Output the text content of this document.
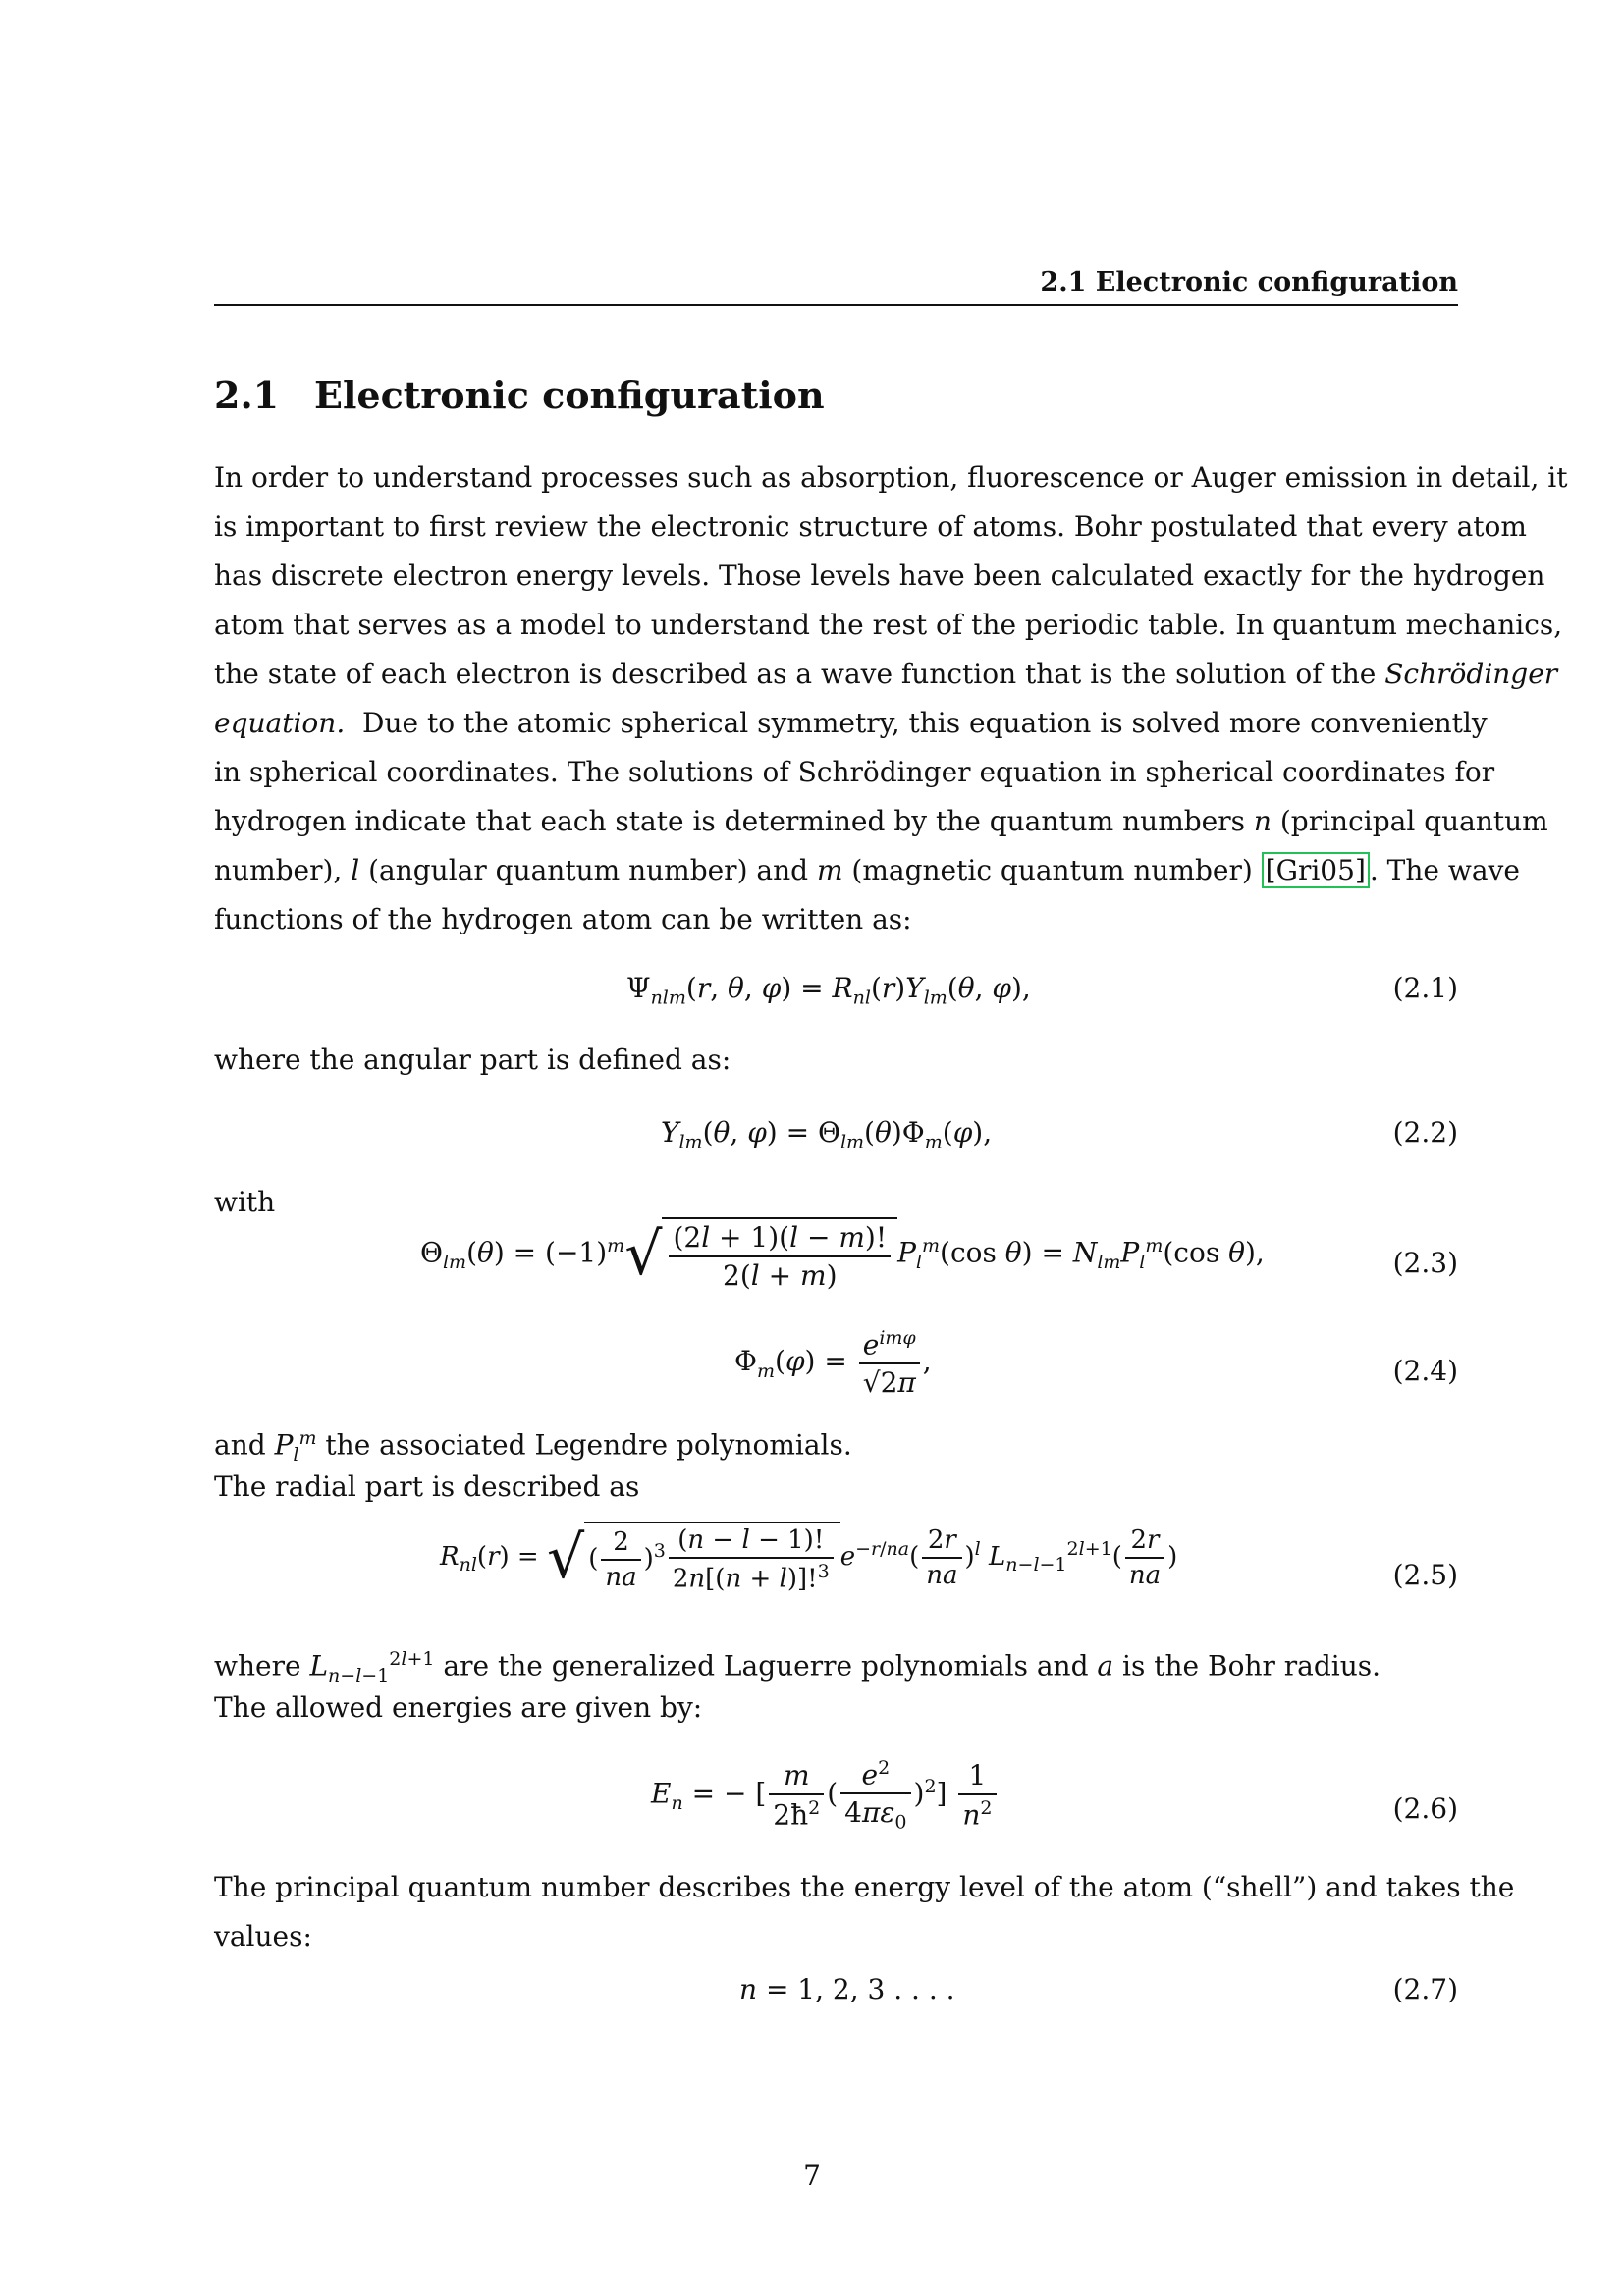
2.1 Electronic configuration
2.1 Electronic configuration
In order to understand processes such as absorption, fluorescence or Auger emission in detail, it
is important to first review the electronic structure of atoms. Bohr postulated that every atom
has discrete electron energy levels. Those levels have been calculated exactly for the hydrogen
atom that serves as a model to understand the rest of the periodic table. In quantum mechanics,
the state of each electron is described as a wave function that is the solution of the Schrödinger
equation. Due to the atomic spherical symmetry, this equation is solved more conveniently
in spherical coordinates. The solutions of Schrödinger equation in spherical coordinates for
hydrogen indicate that each state is determined by the quantum numbers n (principal quantum
number), l (angular quantum number) and m (magnetic quantum number) [Gri05] . The wave
functions of the hydrogen atom can be written as:
$\Psi_{nlm}(r$, θ, $\varphi) = R_{nl}(r)Y_{lm}(\theta$, φ),	(2.1)
where the angular part is defined as:
$Y_{lm}(\theta$, $\varphi) = \Theta_{lm}(\theta)\Phi_m(\varphi)$,	(2.2)
with
$\Theta_{lm}(\theta) = (-1)^m√ \frac{(2l + 1)(l - m)!}{2(l + m)} P_l^m(\cos$ $\theta) = N_{lm}P_l^m(\cos$ θ),	(2.3)
$\Phi_m(\varphi) = \frac{e^{im\varphi}}{√2\pi}$ ,	(2.4)
and $P_l^m$ the associated Legendre polynomials.
The radial part is described as
$R_{nl}(r)$ = √ ( $\frac{2}{na} )^3 \frac{(n - l - 1)!}{2n[(n + l)]!^3} e^{-r/na}( \frac{2r}{na} )^l$ $L_{n-l-1}^{2l+1}( \frac{2r}{na}$ )
(2.5)
where $L_{n-l-1}^{2l+1}$ are the generalized Laguerre polynomials and a is the Bohr radius.
The allowed energies are given by:
$E_n$ = − [ $\frac{m}{2ħ^2}$ ( $\frac{e^2}{4\pi\varepsilon_0} )^2] \frac{1}{n^2}$	(2.6)
The principal quantum number describes the energy level of the atom (“shell”) and takes the
values:
n = 1, 2, 3 . . . .	(2.7)
7
